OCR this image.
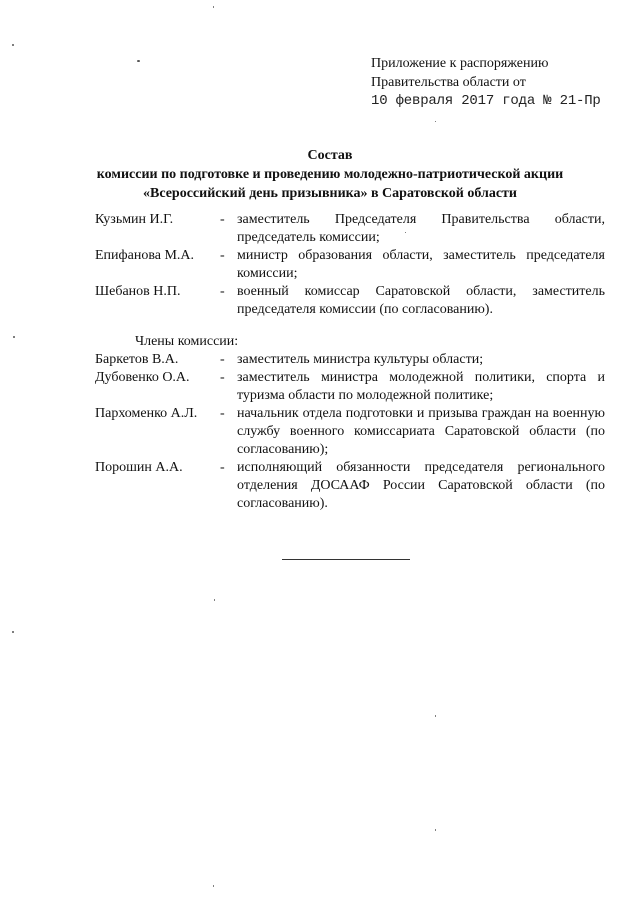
Приложение к распоряжению
Правительства области от
10 февраля 2017 года № 21-Пр
Состав
комиссии по подготовке и проведению молодежно-патриотической акции
«Всероссийский день призывника» в Саратовской области
Кузьмин И.Г.	- заместитель Председателя Правительства области, председатель комиссии;
Епифанова М.А.	- министр образования области, заместитель председателя комиссии;
Шебанов Н.П.	- военный комиссар Саратовской области, заместитель председателя комиссии (по согласованию).
Члены комиссии:
Баркетов В.А.	- заместитель министра культуры области;
Дубовенко О.А.	- заместитель министра молодежной политики, спорта и туризма области по молодежной политике;
Пархоменко А.Л.	- начальник отдела подготовки и призыва граждан на военную службу военного комиссариата Саратовской области (по согласованию);
Порошин А.А.	- исполняющий обязанности председателя регионального отделения ДОСААФ России Саратовской области (по согласованию).
